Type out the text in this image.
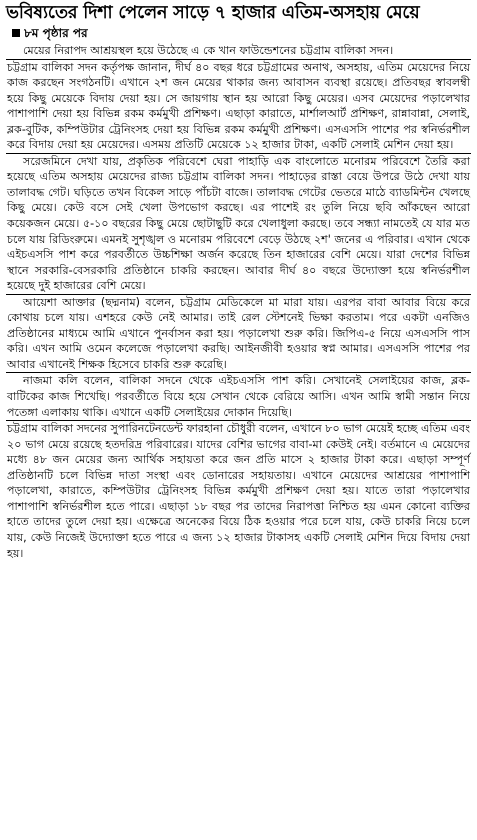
ভবিষ্যতের দিশা পেলেন সাড়ে ৭ হাজার এতিম-অসহায় মেয়ে
৮ম পৃষ্ঠার পর

মেয়ের নিরাপদ আশ্রয়স্থল হয়ে উঠেছে এ কে খান ফাউন্ডেশনের চট্টগ্রাম বালিকা সদন।

চট্টগ্রাম বালিকা সদন কর্তৃপক্ষ জানান, দীর্ঘ ৪০ বছর ধরে চট্টগ্রামের অনাথ, অসহায়, এতিম মেয়েদের নিয়ে কাজ করছেন সংগঠনটি। এখানে ২শ জন মেয়ের থাকার জন্য আবাসন ব্যবস্থা রয়েছে। প্রতিবছর স্বাবলম্বী হয়ে কিছু মেয়েকে বিদায় দেয়া হয়। সে জায়গায় স্থান হয় আরো কিছু মেয়ের। এসব মেয়েদের পড়ালেখার পাশাপাশি দেয়া হয় বিভিন্ন রকম কর্মমুখী প্রশিক্ষণ। এছাড়া কারাতে, মার্শালআর্ট প্রশিক্ষণ, রান্নাবান্না, সেলাই, ব্লক-বুটিক, কম্পিউটার ট্রেনিংসহ দেয়া হয় বিভিন্ন রকম কর্মমুখী প্রশিক্ষণ। এসএসসি পাশের পর স্বনির্ভরশীল করে বিদায় দেয়া হয় মেয়েদের। এসময় প্রতিটি মেয়েকে ১২ হাজার টাকা, একটি সেলাই মেশিন দেয়া হয়।

সরেজমিনে দেখা যায়, প্রকৃতিক পরিবেশে ঘেরা পাহাড়ি এক বাংলোতে মনোরম পরিবেশে তৈরি করা হয়েছে এতিম অসহায় মেয়েদের রাজ্য চট্টগ্রাম বালিকা সদন। পাহাড়ের রাস্তা বেয়ে উপরে উঠে দেখা যায় তালাবদ্ধ গেট। ঘড়িতে তখন বিকেল সাড়ে পাঁচটা বাজে। তালাবদ্ধ গেটের ভেতরে মাঠে ব্যাডমিন্টন খেলছে কিছু মেয়ে। কেউ বসে সেই খেলা উপভোগ করছে। এর পাশেই রং তুলি নিয়ে ছবি আঁকছেন আরো কয়েকজন মেয়ে। ৫-১০ বছরের কিছু মেয়ে ছোটাছুটি করে খেলাধুলা করছে। তবে সন্ধ্যা নামতেই যে যার মত চলে যায় রিডিংরুমে। এমনই সুশৃঙ্খল ও মনোরম পরিবেশে বেড়ে উঠছে ২শ' জনের এ পরিবার। এখান থেকে এইচএসসি পাশ করে পরবর্তীতে উচ্চশিক্ষা অর্জন করেছে তিন হাজারের বেশি মেয়ে। যারা দেশের বিভিন্ন স্থানে সরকারি-বেসরকারি প্রতিষ্ঠানে চাকরি করছেন। আবার দীর্ঘ ৪০ বছরে উদ্যোক্তা হয়ে স্বনির্ভরশীল হয়েছে দুই হাজারের বেশি মেয়ে।

আয়েশা আক্তার (ছদ্মনাম) বলেন, চট্টগ্রাম মেডিকেলে মা মারা যায়। এরপর বাবা আবার বিয়ে করে কোথায় চলে যায়। এশহরে কেউ নেই আমার। তাই রেল স্টেশনেই ভিক্ষা করতাম। পরে একটা এনজিও প্রতিষ্ঠানের মাধ্যমে আমি এখানে পুনর্বাসন করা হয়। পড়ালেখা শুরু করি। জিপিএ-৫ নিয়ে এসএসসি পাস করি। এখন আমি ওমেন কলেজে পড়ালেখা করছি। আইনজীবী হওয়ার স্বপ্ন আমার। এসএসসি পাশের পর আবার এখানেই শিক্ষক হিসেবে চাকরি শুরু করেছি।

নাজমা কলি বলেন, বালিকা সদনে থেকে এইচএসসি পাশ করি। সেখানেই সেলাইয়ের কাজ, ব্লক-বাটিকের কাজ শিখেছি। পরবর্তীতে বিয়ে হয়ে সেখান থেকে বেরিয়ে আসি। এখন আমি স্বামী সন্তান নিয়ে পতেঙ্গা এলাকায় থাকি। এখানে একটি সেলাইয়ের দোকান দিয়েছি।

চট্টগ্রাম বালিকা সদনের সুপারিনটেনডেন্ট ফারহানা চৌধুরী বলেন, এখানে ৮০ ভাগ মেয়েই হচ্ছে এতিম এবং ২০ ভাগ মেয়ে রয়েছে হতদরিদ্র পরিবারের। যাদের বেশির ভাগের বাবা-মা কেউই নেই। বর্তমানে এ মেয়েদের মধ্যে ৪৮ জন মেয়ের জন্য আর্থিক সহায়তা করে জন প্রতি মাসে ২ হাজার টাকা করে। এছাড়া সম্পূর্ণ প্রতিষ্ঠানটি চলে বিভিন্ন দাতা সংস্থা এবং ডোনারের সহায়তায়। এখানে মেয়েদের আশ্রয়ের পাশাপাশি পড়ালেখা, কারাতে, কম্পিউটার ট্রেনিংসহ বিভিন্ন কর্মমুখী প্রশিক্ষণ দেয়া হয়। যাতে তারা পড়ালেখার পাশাপাশি স্বনির্ভরশীল হতে পারে। এছাড়া ১৮ বছর পর তাদের নিরাপত্তা নিশ্চিত হয় এমন কোনো ব্যক্তির হাতে তাদের তুলে দেয়া হয়। এক্ষেত্রে অনেকের বিয়ে ঠিক হওয়ার পরে চলে যায়, কেউ চাকরি নিয়ে চলে যায়, কেউ নিজেই উদ্যোক্তা হতে পারে এ জন্য ১২ হাজার টাকাসহ একটি সেলাই মেশিন দিয়ে বিদায় দেয়া হয়।
